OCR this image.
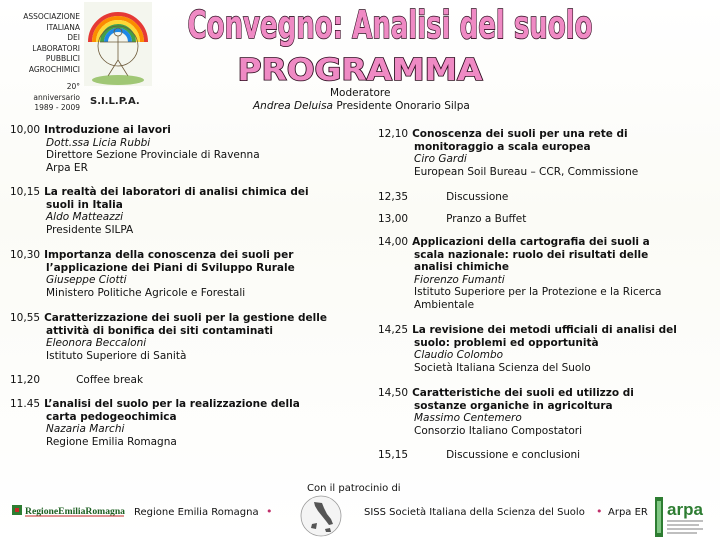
ASSOCIAZIONE
ITALIANA
DEI
LABORATORI
PUBBLICI
AGROCHIMICI
20°
anniversario
1989 - 2009
S.I.L.P.A.
Convegno: Analisi del suolo
PROGRAMMA
Moderatore
Andrea Deluisa Presidente Onorario Silpa
10,00 Introduzione ai lavori
Dott.ssa Licia Rubbi
Direttore Sezione Provinciale di Ravenna
Arpa ER
10,15 La realtà dei laboratori di analisi chimica dei
suoli in Italia
Aldo Matteazzi
Presidente SILPA
10,30 Importanza della conoscenza dei suoli per
l’applicazione dei Piani di Sviluppo Rurale
Giuseppe Ciotti
Ministero Politiche Agricole e Forestali
10,55 Caratterizzazione dei suoli per la gestione delle
attività di bonifica dei siti contaminati
Eleonora Beccaloni
Istituto Superiore di Sanità
11,20	Coffee break
11.45 L’analisi del suolo per la realizzazione della
carta pedogeochimica
Nazaria Marchi
Regione Emilia Romagna
12,10 Conoscenza dei suoli per una rete di
monitoraggio a scala europea
Ciro Gardi
European Soil Bureau – CCR, Commissione
12,35	Discussione
13,00	Pranzo a Buffet
14,00 Applicazioni della cartografia dei suoli a
scala nazionale: ruolo dei risultati delle
analisi chimiche
Fiorenzo Fumanti
Istituto Superiore per la Protezione e la Ricerca
Ambientale
14,25 La revisione dei metodi ufficiali di analisi del
suolo: problemi ed opportunità
Claudio Colombo
Società Italiana Scienza del Suolo
14,50 Caratteristiche dei suoli ed utilizzo di
sostanze organiche in agricoltura
Massimo Centemero
Consorzio Italiano Compostatori
15,15	Discussione e conclusioni
Con il patrocinio di
RegioneEmiliaRomagna Regione Emilia Romagna •	SISS Società Italiana della Scienza del Suolo • Arpa ER arpa
